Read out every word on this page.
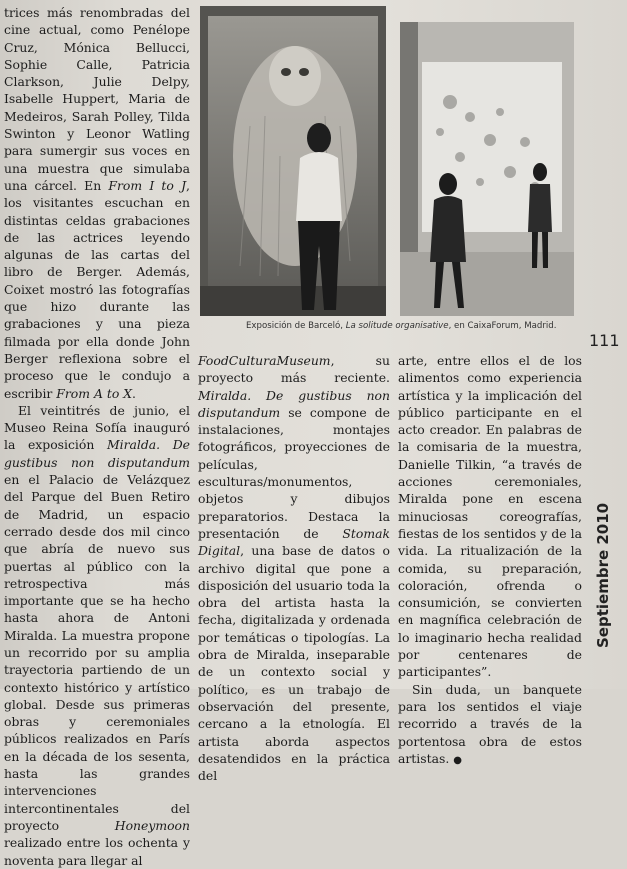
trices más renombradas del cine actual, como Penélope Cruz, Mónica Bellucci, Sophie Calle, Patricia Clarkson, Julie Delpy, Isabelle Huppert, Maria de Medeiros, Sarah Polley, Tilda Swinton y Leonor Watling para sumergir sus voces en una muestra que simulaba una cárcel. En From I to J, los visitantes escuchan en distintas celdas grabaciones de las actrices leyendo algunas de las cartas del libro de Berger. Además, Coixet mostró las fotografías que hizo durante las grabaciones y una pieza filmada por ella donde John Berger reflexiona sobre el proceso que le condujo a escribir From A to X.

El veintitrés de junio, el Museo Reina Sofía inauguró la exposición Miralda. De gustibus non disputandum en el Palacio de Velázquez del Parque del Buen Retiro de Madrid, un espacio cerrado desde dos mil cinco que abría de nuevo sus puertas al público con la retrospectiva más importante que se ha hecho hasta ahora de Antoni Miralda. La muestra propone un recorrido por su amplia trayectoria partiendo de un contexto histórico y artístico global. Desde sus primeras obras y ceremoniales públicos realizados en París en la década de los sesenta, hasta las grandes intervenciones intercontinentales del proyecto Honeymoon realizado entre los ochenta y noventa para llegar al

Exposición de Barceló, La solitude organisative, en CaixaForum, Madrid.
111

FoodCulturaMuseum, su proyecto más reciente. Miralda. De gustibus non disputandum se compone de instalaciones, montajes fotográficos, proyecciones de películas, esculturas/monumentos, objetos y dibujos preparatorios. Destaca la presentación de Stomak Digital, una base de datos o archivo digital que pone a disposición del usuario toda la obra del artista hasta la fecha, digitalizada y ordenada por temáticas o tipologías. La obra de Miralda, inseparable de un contexto social y político, es un trabajo de observación del presente, cercano a la etnología. El artista aborda aspectos desatendidos en la práctica del

arte, entre ellos el de los alimentos como experiencia artística y la implicación del público participante en el acto creador. En palabras de la comisaria de la muestra, Danielle Tilkin, “a través de acciones ceremoniales, Miralda pone en escena minuciosas coreografías, fiestas de los sentidos y de la vida. La ritualización de la comida, su preparación, coloración, ofrenda o consumición, se convierten en magnífica celebración de lo imaginario hecha realidad por centenares de participantes”.

Sin duda, un banquete para los sentidos el viaje recorrido a través de la portentosa obra de estos artistas. ●

Septiembre 2010
